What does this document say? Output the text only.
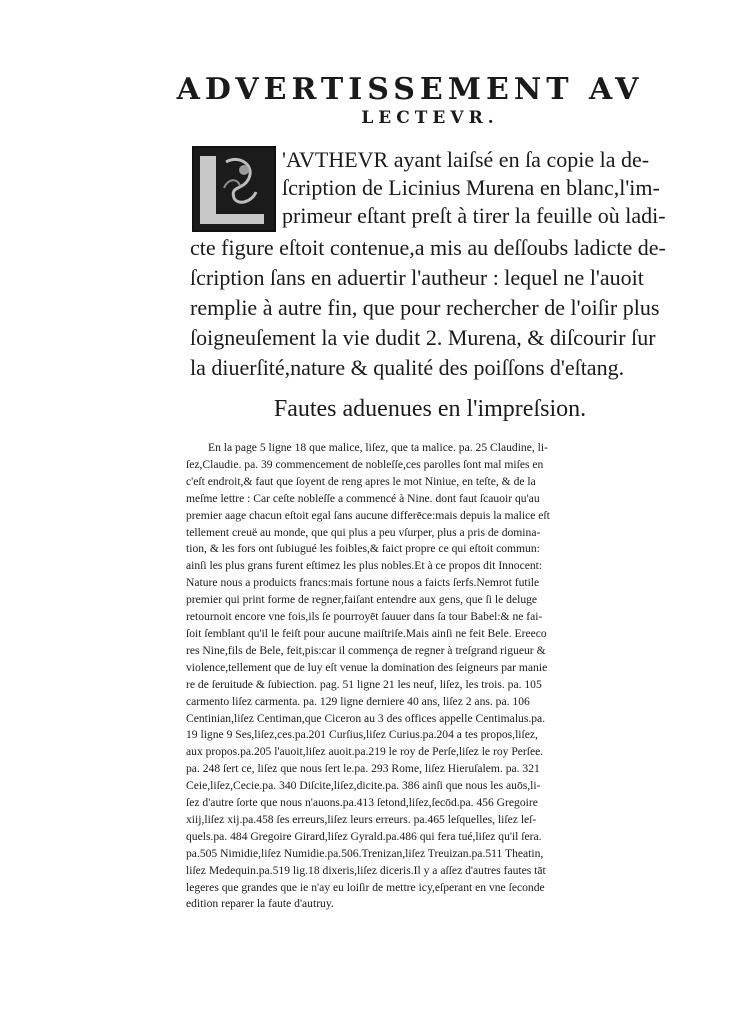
ADVERTISSEMENT AV
LECTEVR.
'AVTHEVR ayant laiſsé en ſa copie la de-
ſcription de Licinius Murena en blanc,l'im-
primeur eſtant preſt à tirer la feuille où ladi-
cte figure eſtoit contenue,a mis au deſſoubs ladicte de-
ſcription ſans en aduertir l'autheur : lequel ne l'auoit
remplie à autre fin, que pour rechercher de l'oiſir plus
ſoigneuſement la vie dudit 2. Murena, & diſcourir ſur
la diuerſité,nature & qualité des poiſſons d'eſtang.
Fautes aduenues en l'impreſsion.
En la page 5 ligne 18 que malice, liſez, que ta malice. pa. 25 Claudine, li-
ſez,Claudie. pa. 39 commencement de nobleſſe,ces parolles ſont mal miſes en
c'eſt endroit,& faut que ſoyent de reng apres le mot Niniue, en teſte, & de la
meſme lettre : Car ceſte nobleſſe a commencé à Nine. dont faut ſcauoir qu'au
premier aage chacun eſtoit egal ſans aucune differēce:mais depuis la malice eſt
tellement creuë au monde, que qui plus a peu vſurper, plus a pris de domina-
tion, & les fors ont ſubiugué les foibles,& faict propre ce qui eſtoit commun:
ainſi les plus grans furent eſtimez les plus nobles.Et à ce propos dit Innocent:
Nature nous a produicts francs:mais fortune nous a faicts ſerfs.Nemrot futile
premier qui print forme de regner,faiſant entendre aux gens, que ſi le deluge
retournoit encore vne fois,ils ſe pourroyēt ſauuer dans ſa tour Babel:& ne fai-
ſoit ſemblant qu'il le feiſt pour aucune maiſtriſe.Mais ainſi ne feit Bele. Ereeco
res Nine,fils de Bele, feit,pis:car il commença de regner à treſgrand rigueur &
violence,tellement que de luy eſt venue la domination des ſeigneurs par manie
re de ſeruitude & ſubiection. pag. 51 ligne 21 les neuf, liſez, les trois. pa. 105
carmento liſez carmenta. pa. 129 ligne derniere 40 ans, liſez 2 ans. pa. 106
Centinian,liſez Centiman,que Ciceron au 3 des offices appelle Centimalus.pa.
19 ligne 9 Ses,liſez,ces.pa.201 Curſius,liſez Curius.pa.204 a tes propos,liſez,
aux propos.pa.205 l'auoit,liſez auoit.pa.219 le roy de Perſe,liſez le roy Perſee.
pa. 248 ſert ce, liſez que nous ſert le.pa. 293 Rome, liſez Hieruſalem. pa. 321
Ceie,liſez,Cecie.pa. 340 Diſcite,liſez,dicite.pa. 386 ainſi que nous les auōs,li-
ſez d'autre ſorte que nous n'auons.pa.413 ſetond,liſez,ſecōd.pa. 456 Gregoire
xiij,liſez xij.pa.458 ſes erreurs,liſez leurs erreurs. pa.465 leſquelles, liſez leſ-
quels.pa. 484 Gregoire Girard,liſez Gyrald.pa.486 qui fera tué,liſez qu'il ſera.
pa.505 Nimidie,liſez Numidie.pa.506.Trenizan,liſez Treuizan.pa.511 Theatin,
liſez Medequin.pa.519 lig.18 dixeris,liſez diceris.Il y a aſſez d'autres fautes tāt
legeres que grandes que ie n'ay eu loiſir de mettre icy,eſperant en vne ſeconde
edition reparer la faute d'autruy.
